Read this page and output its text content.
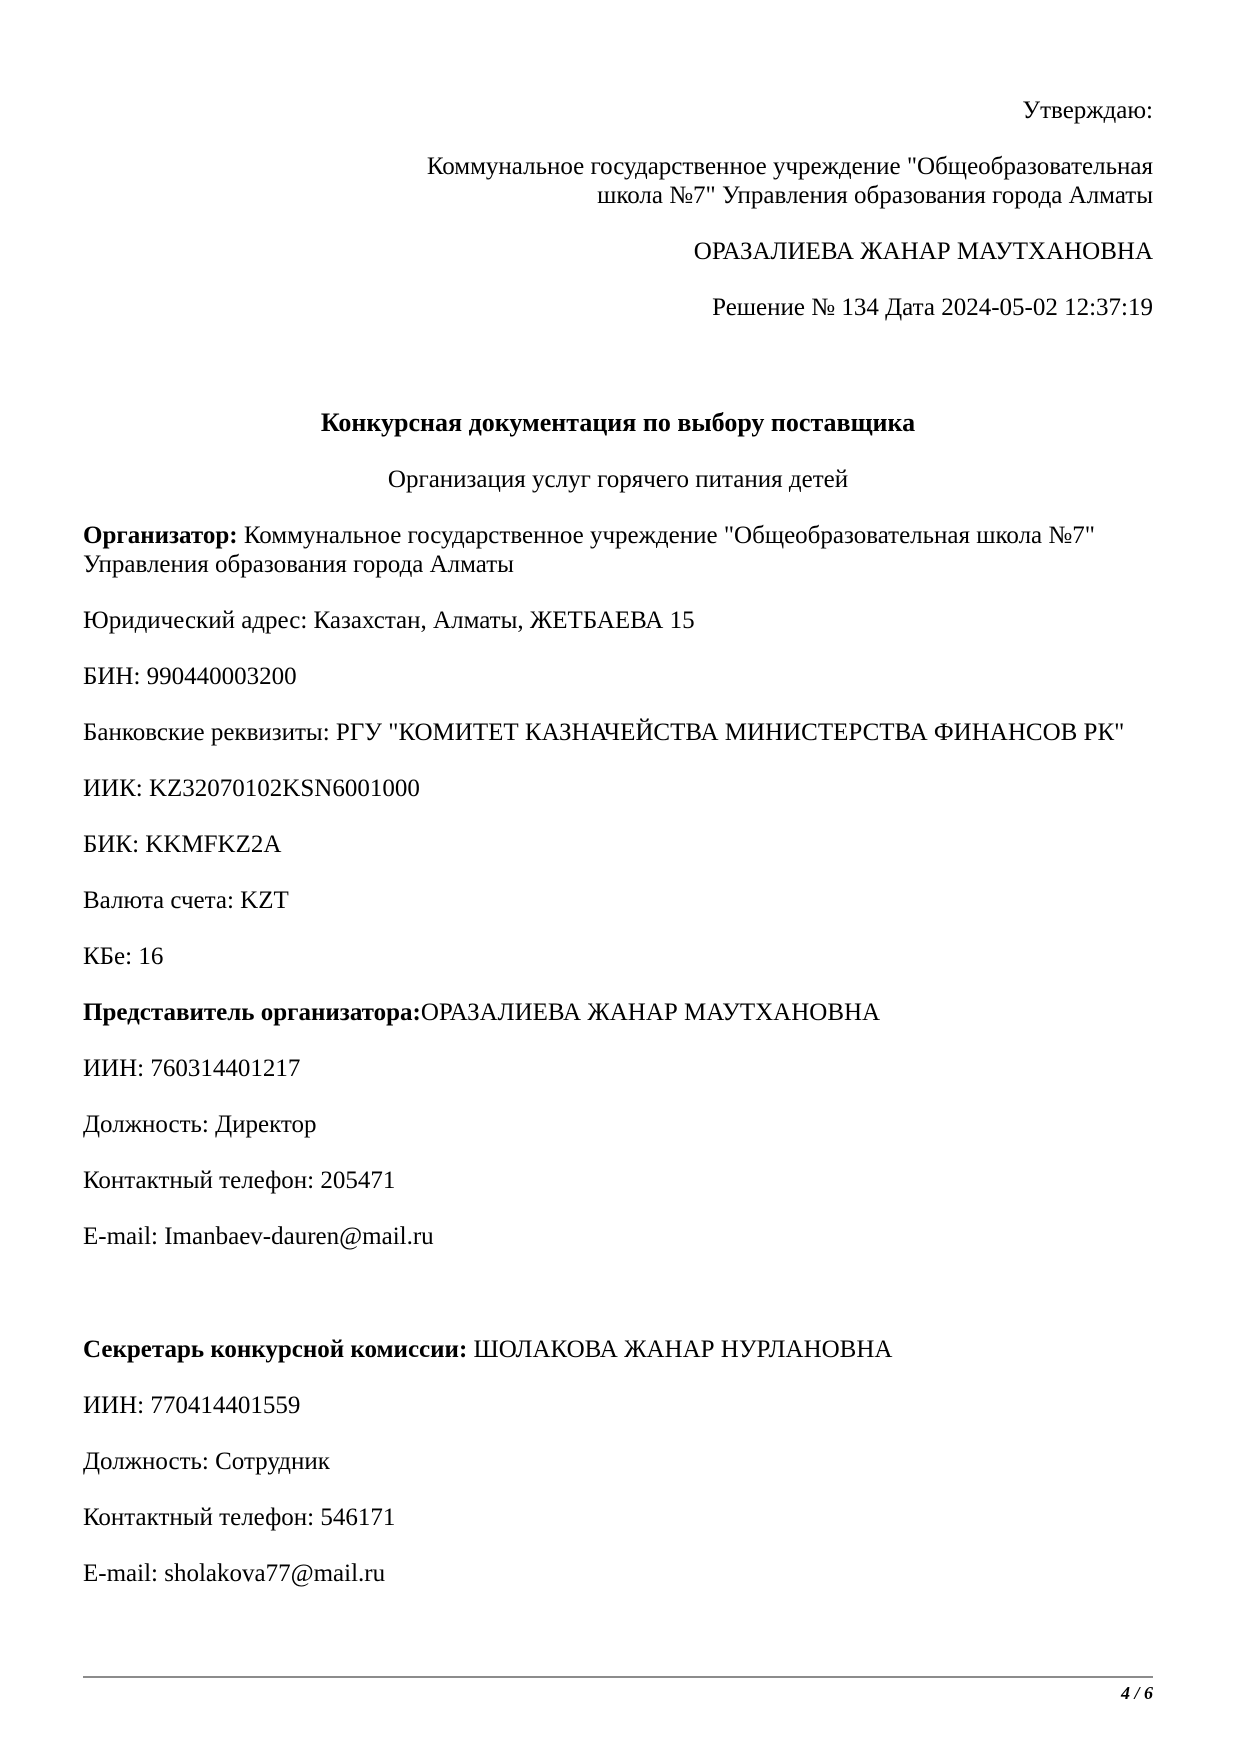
Утверждаю:

Коммунальное государственное учреждение "Общеобразовательная
школа №7" Управления образования города Алматы

ОРАЗАЛИЕВА ЖАНАР МАУТХАНОВНА

Решение № 134 Дата 2024-05-02 12:37:19

Конкурсная документация по выбору поставщика

Организация услуг горячего питания детей

Организатор: Коммунальное государственное учреждение "Общеобразовательная школа №7" Управления образования города Алматы

Юридический адрес: Казахстан, Алматы, ЖЕТБАЕВА 15

БИН: 990440003200

Банковские реквизиты: РГУ "КОМИТЕТ КАЗНАЧЕЙСТВА МИНИСТЕРСТВА ФИНАНСОВ РК"

ИИК: KZ32070102KSN6001000

БИК: KKMFKZ2A

Валюта счета: KZT

КБе: 16

Представитель организатора:ОРАЗАЛИЕВА ЖАНАР МАУТХАНОВНА

ИИН: 760314401217

Должность: Директор

Контактный телефон: 205471

E-mail: Imanbaev-dauren@mail.ru

Секретарь конкурсной комиссии: ШОЛАКОВА ЖАНАР НУРЛАНОВНА

ИИН: 770414401559

Должность: Сотрудник

Контактный телефон: 546171

E-mail: sholakova77@mail.ru

4 / 6
